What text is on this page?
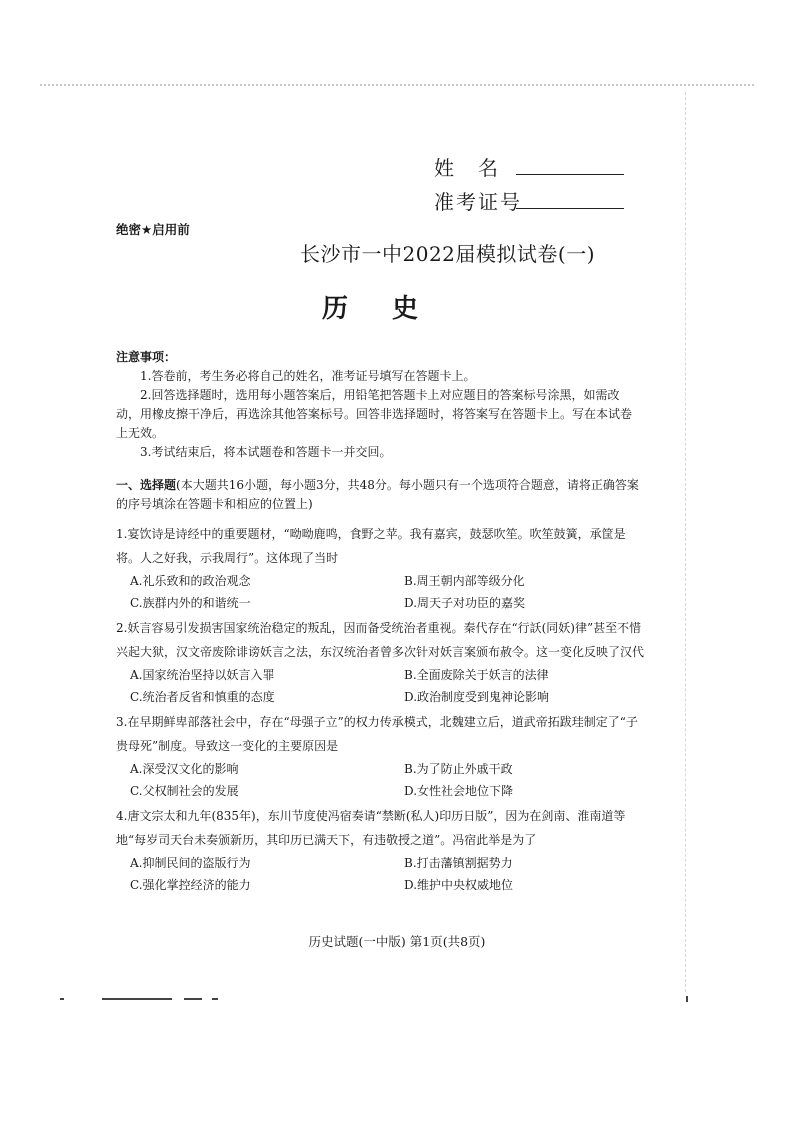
姓　名
准考证号
绝密★启用前
长沙市一中2022届模拟试卷(一)
历史
注意事项：
1.答卷前，考生务必将自己的姓名，准考证号填写在答题卡上。
2.回答选择题时，选用每小题答案后，用铅笔把答题卡上对应题目的答案标号涂黑，如需改动，用橡皮擦干净后，再选涂其他答案标号。回答非选择题时，将答案写在答题卡上。写在本试卷上无效。
3.考试结束后，将本试题卷和答题卡一并交回。
一、选择题(本大题共16小题，每小题3分，共48分。每小题只有一个选项符合题意，请将正确答案的序号填涂在答题卡和相应的位置上)
1.宴饮诗是诗经中的重要题材，“呦呦鹿鸣，食野之苹。我有嘉宾，鼓瑟吹笙。吹笙鼓簧，承筐是将。人之好我，示我周行”。这体现了当时
A.礼乐致和的政治观念	B.周王朝内部等级分化
C.族群内外的和谐统一	D.周天子对功臣的嘉奖
2.妖言容易引发损害国家统治稳定的叛乱，因而备受统治者重视。秦代存在“行訞(同妖)律”甚至不惜兴起大狱，汉文帝废除诽谤妖言之法，东汉统治者曾多次针对妖言案颁布赦令。这一变化反映了汉代
A.国家统治坚持以妖言入罪	B.全面废除关于妖言的法律
C.统治者反省和慎重的态度	D.政治制度受到鬼神论影响
3.在早期鲜卑部落社会中，存在“母强子立”的权力传承模式，北魏建立后，道武帝拓跋珪制定了“子贵母死”制度。导致这一变化的主要原因是
A.深受汉文化的影响	B.为了防止外戚干政
C.父权制社会的发展	D.女性社会地位下降
4.唐文宗太和九年(835年)，东川节度使冯宿奏请“禁断(私人)印历日版”，因为在剑南、淮南道等地“每岁司天台未奏颁新历，其印历已满天下，有违敬授之道”。冯宿此举是为了
A.抑制民间的盗版行为	B.打击藩镇割据势力
C.强化掌控经济的能力	D.维护中央权威地位
历史试题(一中版) 第1页(共8页)
